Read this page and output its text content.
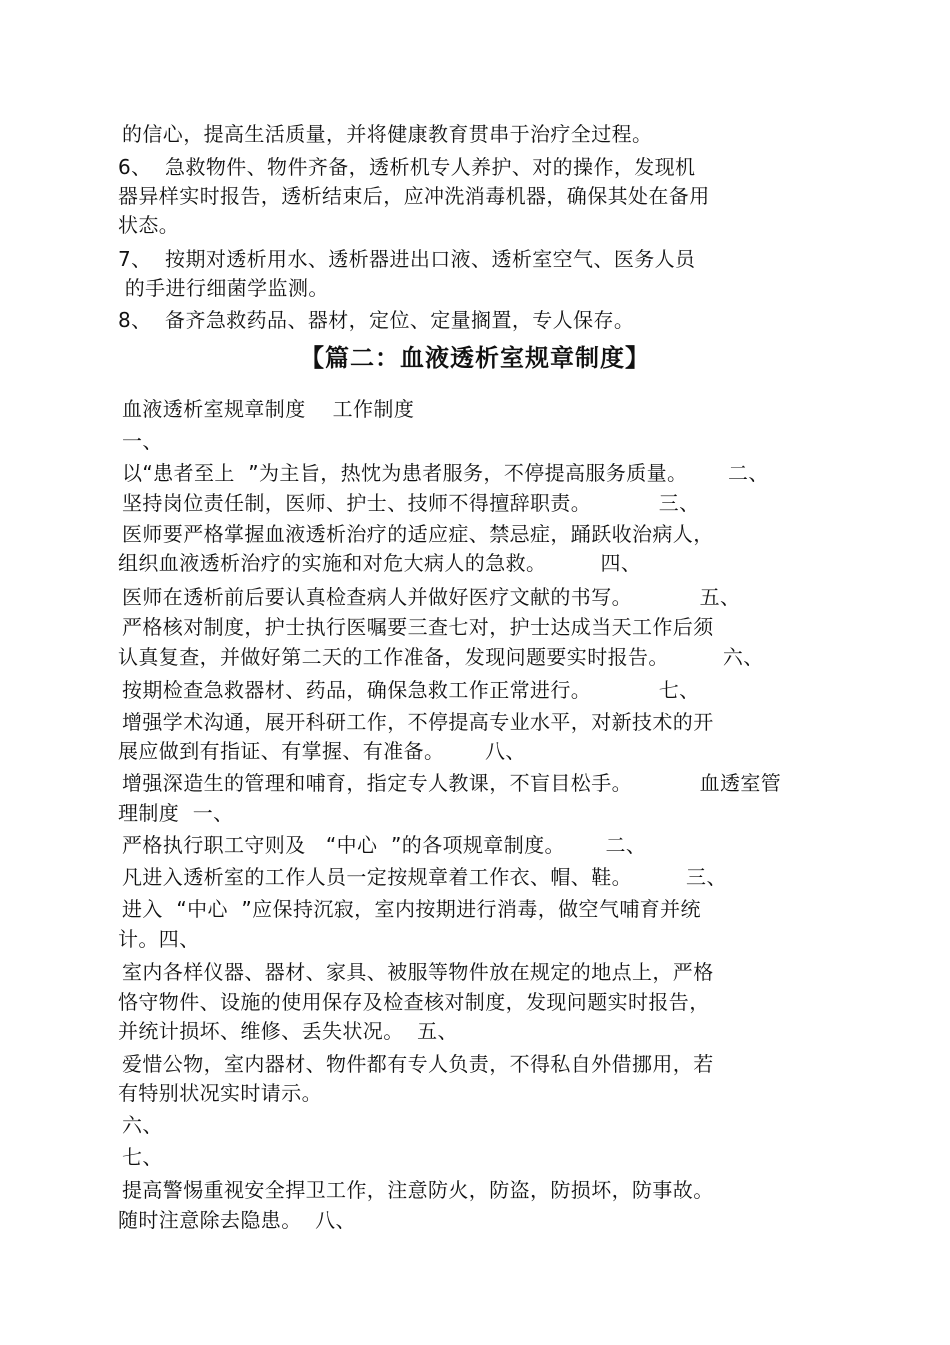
的信心，提高生活质量，并将健康教育贯串于治疗全过程。
6、  急救物件、物件齐备，透析机专人养护、对的操作，发现机
器异样实时报告，透析结束后，应冲洗消毒机器，确保其处在备用
状态。
7、  按期对透析用水、透析器进出口液、透析室空气、医务人员
的手进行细菌学监测。
8、  备齐急救药品、器材，定位、定量搁置，专人保存。
【篇二：血液透析室规章制度】
血液透析室规章制度    工作制度
一、
以“患者至上  ”为主旨，热忱为患者服务，不停提高服务质量。      二、
坚持岗位责任制，医师、护士、技师不得擅辞职责。          三、
医师要严格掌握血液透析治疗的适应症、禁忌症，踊跃收治病人，
组织血液透析治疗的实施和对危大病人的急救。        四、
医师在透析前后要认真检查病人并做好医疗文献的书写。          五、
严格核对制度，护士执行医嘱要三查七对，护士达成当天工作后须
认真复查，并做好第二天的工作准备，发现问题要实时报告。        六、
按期检查急救器材、药品，确保急救工作正常进行。          七、
增强学术沟通，展开科研工作，不停提高专业水平，对新技术的开
展应做到有指证、有掌握、有准备。      八、
增强深造生的管理和哺育，指定专人教课，不盲目松手。          血透室管
理制度  一、
严格执行职工守则及   “中心  ”的各项规章制度。      二、
凡进入透析室的工作人员一定按规章着工作衣、帽、鞋。        三、
进入  “中心  ”应保持沉寂，室内按期进行消毒，做空气哺育并统
计。四、
室内各样仪器、器材、家具、被服等物件放在规定的地点上，严格
恪守物件、设施的使用保存及检查核对制度，发现问题实时报告，
并统计损坏、维修、丢失状况。  五、
爱惜公物，室内器材、物件都有专人负责，不得私自外借挪用，若
有特别状况实时请示。
六、
七、
提高警惕重视安全捍卫工作，注意防火，防盗，防损坏，防事故。
随时注意除去隐患。  八、
